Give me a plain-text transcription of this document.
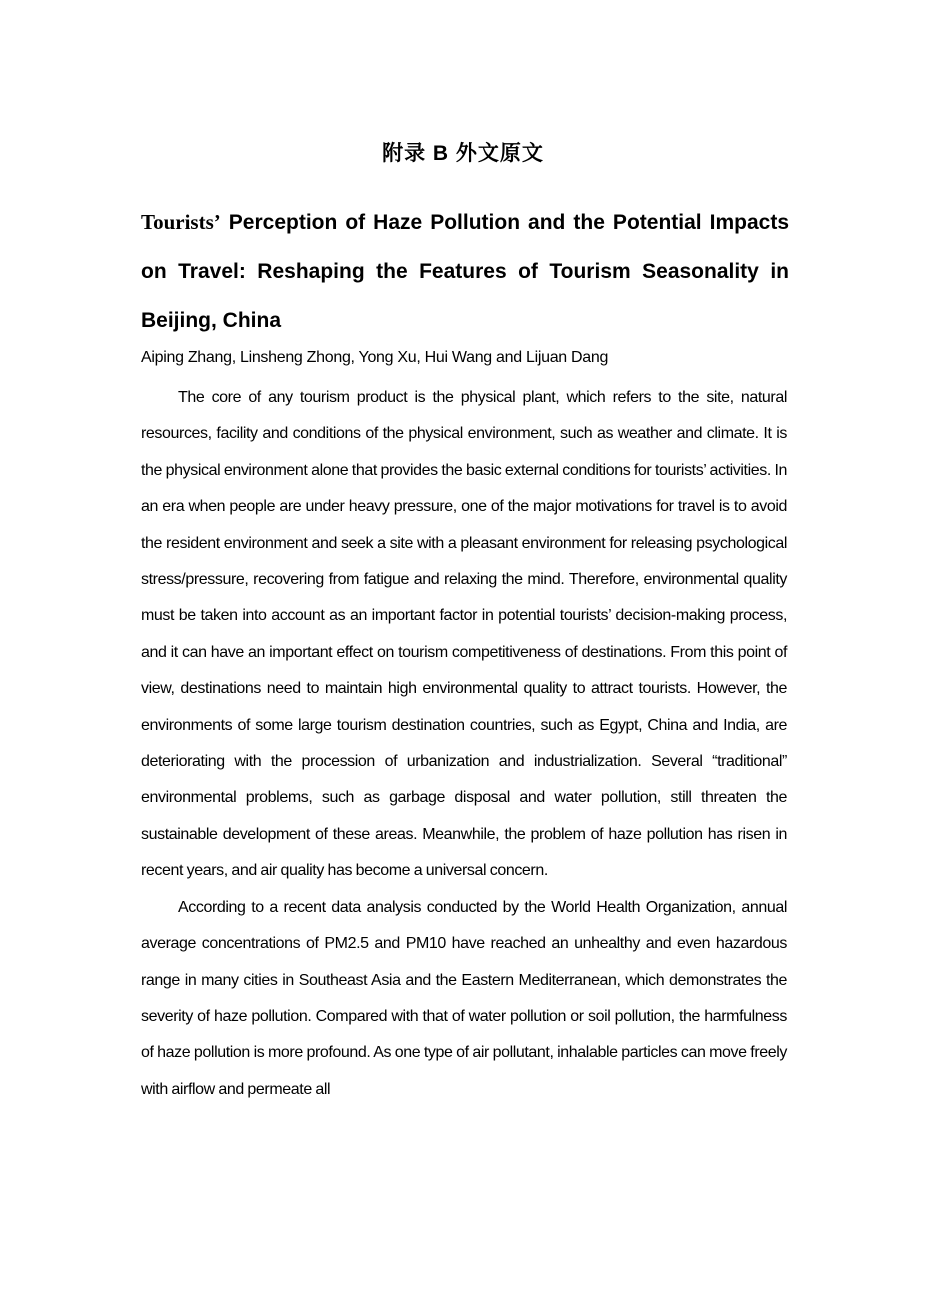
附录 B 外文原文
Tourists’ Perception of Haze Pollution and the Potential Impacts on Travel: Reshaping the Features of Tourism Seasonality in Beijing, China
Aiping Zhang, Linsheng Zhong, Yong Xu, Hui Wang and Lijuan Dang

The core of any tourism product is the physical plant, which refers to the site, natural resources, facility and conditions of the physical environment, such as weather and climate. It is the physical environment alone that provides the basic external conditions for tourists’ activities. In an era when people are under heavy pressure, one of the major motivations for travel is to avoid the resident environment and seek a site with a pleasant environment for releasing psychological stress/pressure, recovering from fatigue and relaxing the mind. Therefore, environmental quality must be taken into account as an important factor in potential tourists’ decision-making process, and it can have an important effect on tourism competitiveness of destinations. From this point of view, destinations need to maintain high environmental quality to attract tourists. However, the environments of some large tourism destination countries, such as Egypt, China and India, are deteriorating with the procession of urbanization and industrialization. Several “traditional” environmental problems, such as garbage disposal and water pollution, still threaten the sustainable development of these areas. Meanwhile, the problem of haze pollution has risen in recent years, and air quality has become a universal concern.

According to a recent data analysis conducted by the World Health Organization, annual average concentrations of PM2.5 and PM10 have reached an unhealthy and even hazardous range in many cities in Southeast Asia and the Eastern Mediterranean, which demonstrates the severity of haze pollution. Compared with that of water pollution or soil pollution, the harmfulness of haze pollution is more profound. As one type of air pollutant, inhalable particles can move freely with airflow and permeate all
